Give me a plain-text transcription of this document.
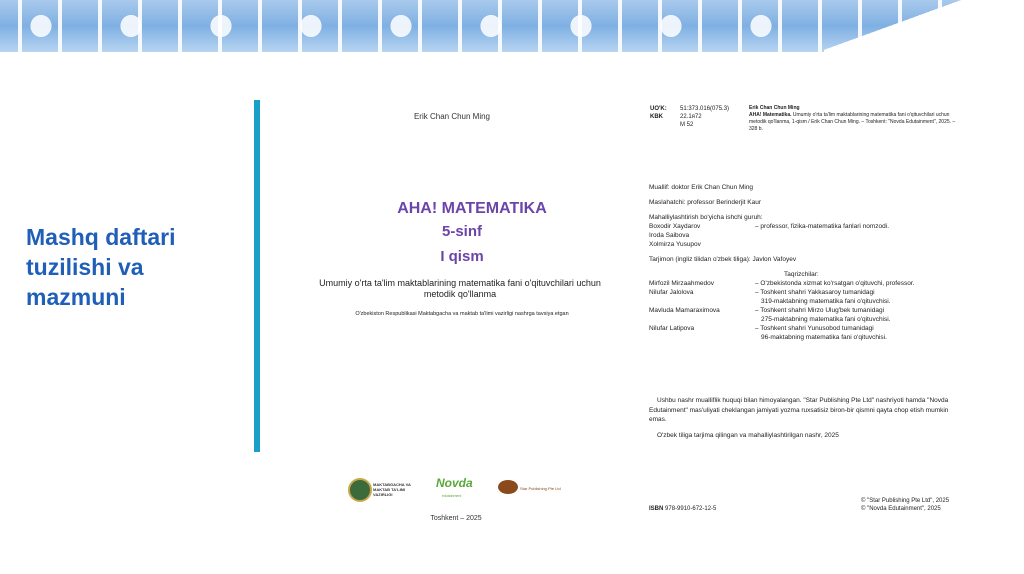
Mashq daftari tuzilishi va mazmuni
Erik Chan Chun Ming
AHA! MATEMATIKA
5-sinf
I qism
Umumiy o'rta ta'lim maktablarining matematika fani o'qituvchilari uchun metodik qo'llanma
O'zbekiston Respublikasi Maktabgacha va maktab ta'limi vazirligi nashrga tavsiya etgan
MAKTABGACHA VA MAKTAB TA'LIMI VAZIRLIGI
Novda
edutainment
Star Publishing Pte Ltd
Toshkent – 2025
UO'K: 51:373.016(075.3)
KBK	22.1я72
M 52
Erik Chan Chun Ming
AHA! Matematika. Umumiy o'rta ta'lim maktablarining matematika fani o'qituvchilari uchun metodik qo'llanma, 1-qism / Erik Chan Chun Ming. – Toshkent: "Novda Edutainment", 2025. – 328 b.
Muallif: doktor Erik Chan Chun Ming
Maslahatchi: professor Berinderjit Kaur
Mahalliylashtirish bo'yicha ishchi guruh:
Boxodir Xaydarov	– professor, fizika-matematika fanlari nomzodi.
Iroda Saibova
Xolmirza Yusupov
Tarjimon (ingliz tilidan o'zbek tiliga): Javlon Vafoyev
Taqrizchilar:
Mirfozil Mirzaahmedov	– O'zbekistonda xizmat ko'rsatgan o'qituvchi, professor.
Nilufar Jalolova	– Toshkent shahri Yakkasaroy tumanidagi
319-maktabning matematika fani o'qituvchisi.
Mavluda Mamaraximova	– Toshkent shahri Mirzo Ulug'bek tumanidagi
275-maktabning matematika fani o'qituvchisi.
Nilufar Latipova	– Toshkent shahri Yunusobod tumanidagi
96-maktabning matematika fani o'qituvchisi.

Ushbu nashr mualliflik huquqi bilan himoyalangan. "Star Publishing Pte Ltd" nashriyoti hamda "Novda Edutainment" mas'uliyati cheklangan jamiyati yozma ruxsatisiz biron-bir qismni qayta chop etish mumkin emas.

O'zbek tiliga tarjima qilingan va mahalliylashtirilgan nashr, 2025

ISBN 978-9910-672-12-5
© "Star Publishing Pte Ltd", 2025
© "Novda Edutainment", 2025
